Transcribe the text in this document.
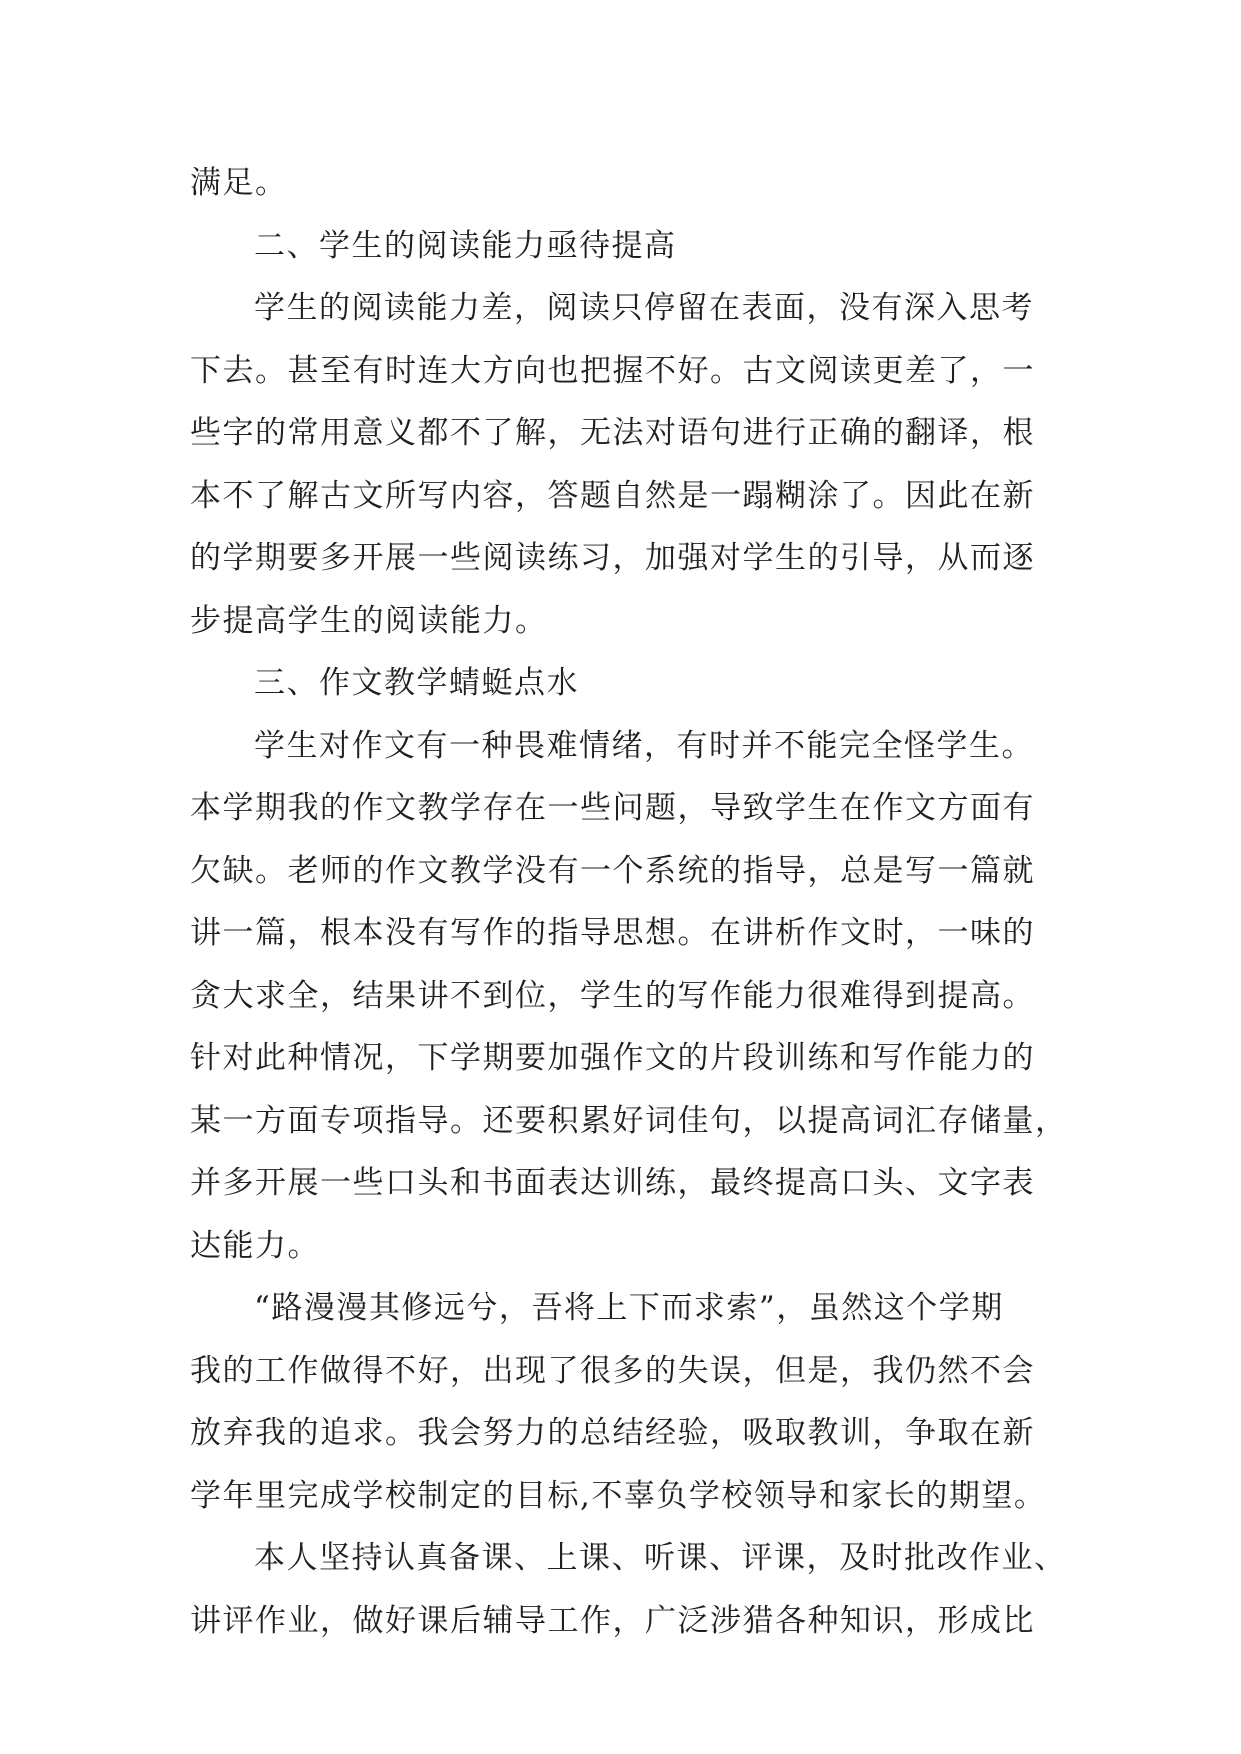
满足。
二、学生的阅读能力亟待提高
学生的阅读能力差，阅读只停留在表面，没有深入思考
下去。甚至有时连大方向也把握不好。古文阅读更差了，一
些字的常用意义都不了解，无法对语句进行正确的翻译，根
本不了解古文所写内容，答题自然是一蹋糊涂了。因此在新
的学期要多开展一些阅读练习，加强对学生的引导，从而逐
步提高学生的阅读能力。
三、作文教学蜻蜓点水
学生对作文有一种畏难情绪，有时并不能完全怪学生。
本学期我的作文教学存在一些问题，导致学生在作文方面有
欠缺。老师的作文教学没有一个系统的指导，总是写一篇就
讲一篇，根本没有写作的指导思想。在讲析作文时，一味的
贪大求全，结果讲不到位，学生的写作能力很难得到提高。
针对此种情况，下学期要加强作文的片段训练和写作能力的
某一方面专项指导。还要积累好词佳句，以提高词汇存储量，
并多开展一些口头和书面表达训练，最终提高口头、文字表
达能力。
“路漫漫其修远兮，吾将上下而求索”，虽然这个学期
我的工作做得不好，出现了很多的失误，但是，我仍然不会
放弃我的追求。我会努力的总结经验，吸取教训，争取在新
学年里完成学校制定的目标,不辜负学校领导和家长的期望。
本人坚持认真备课、上课、听课、评课，及时批改作业、
讲评作业，做好课后辅导工作，广泛涉猎各种知识，形成比
